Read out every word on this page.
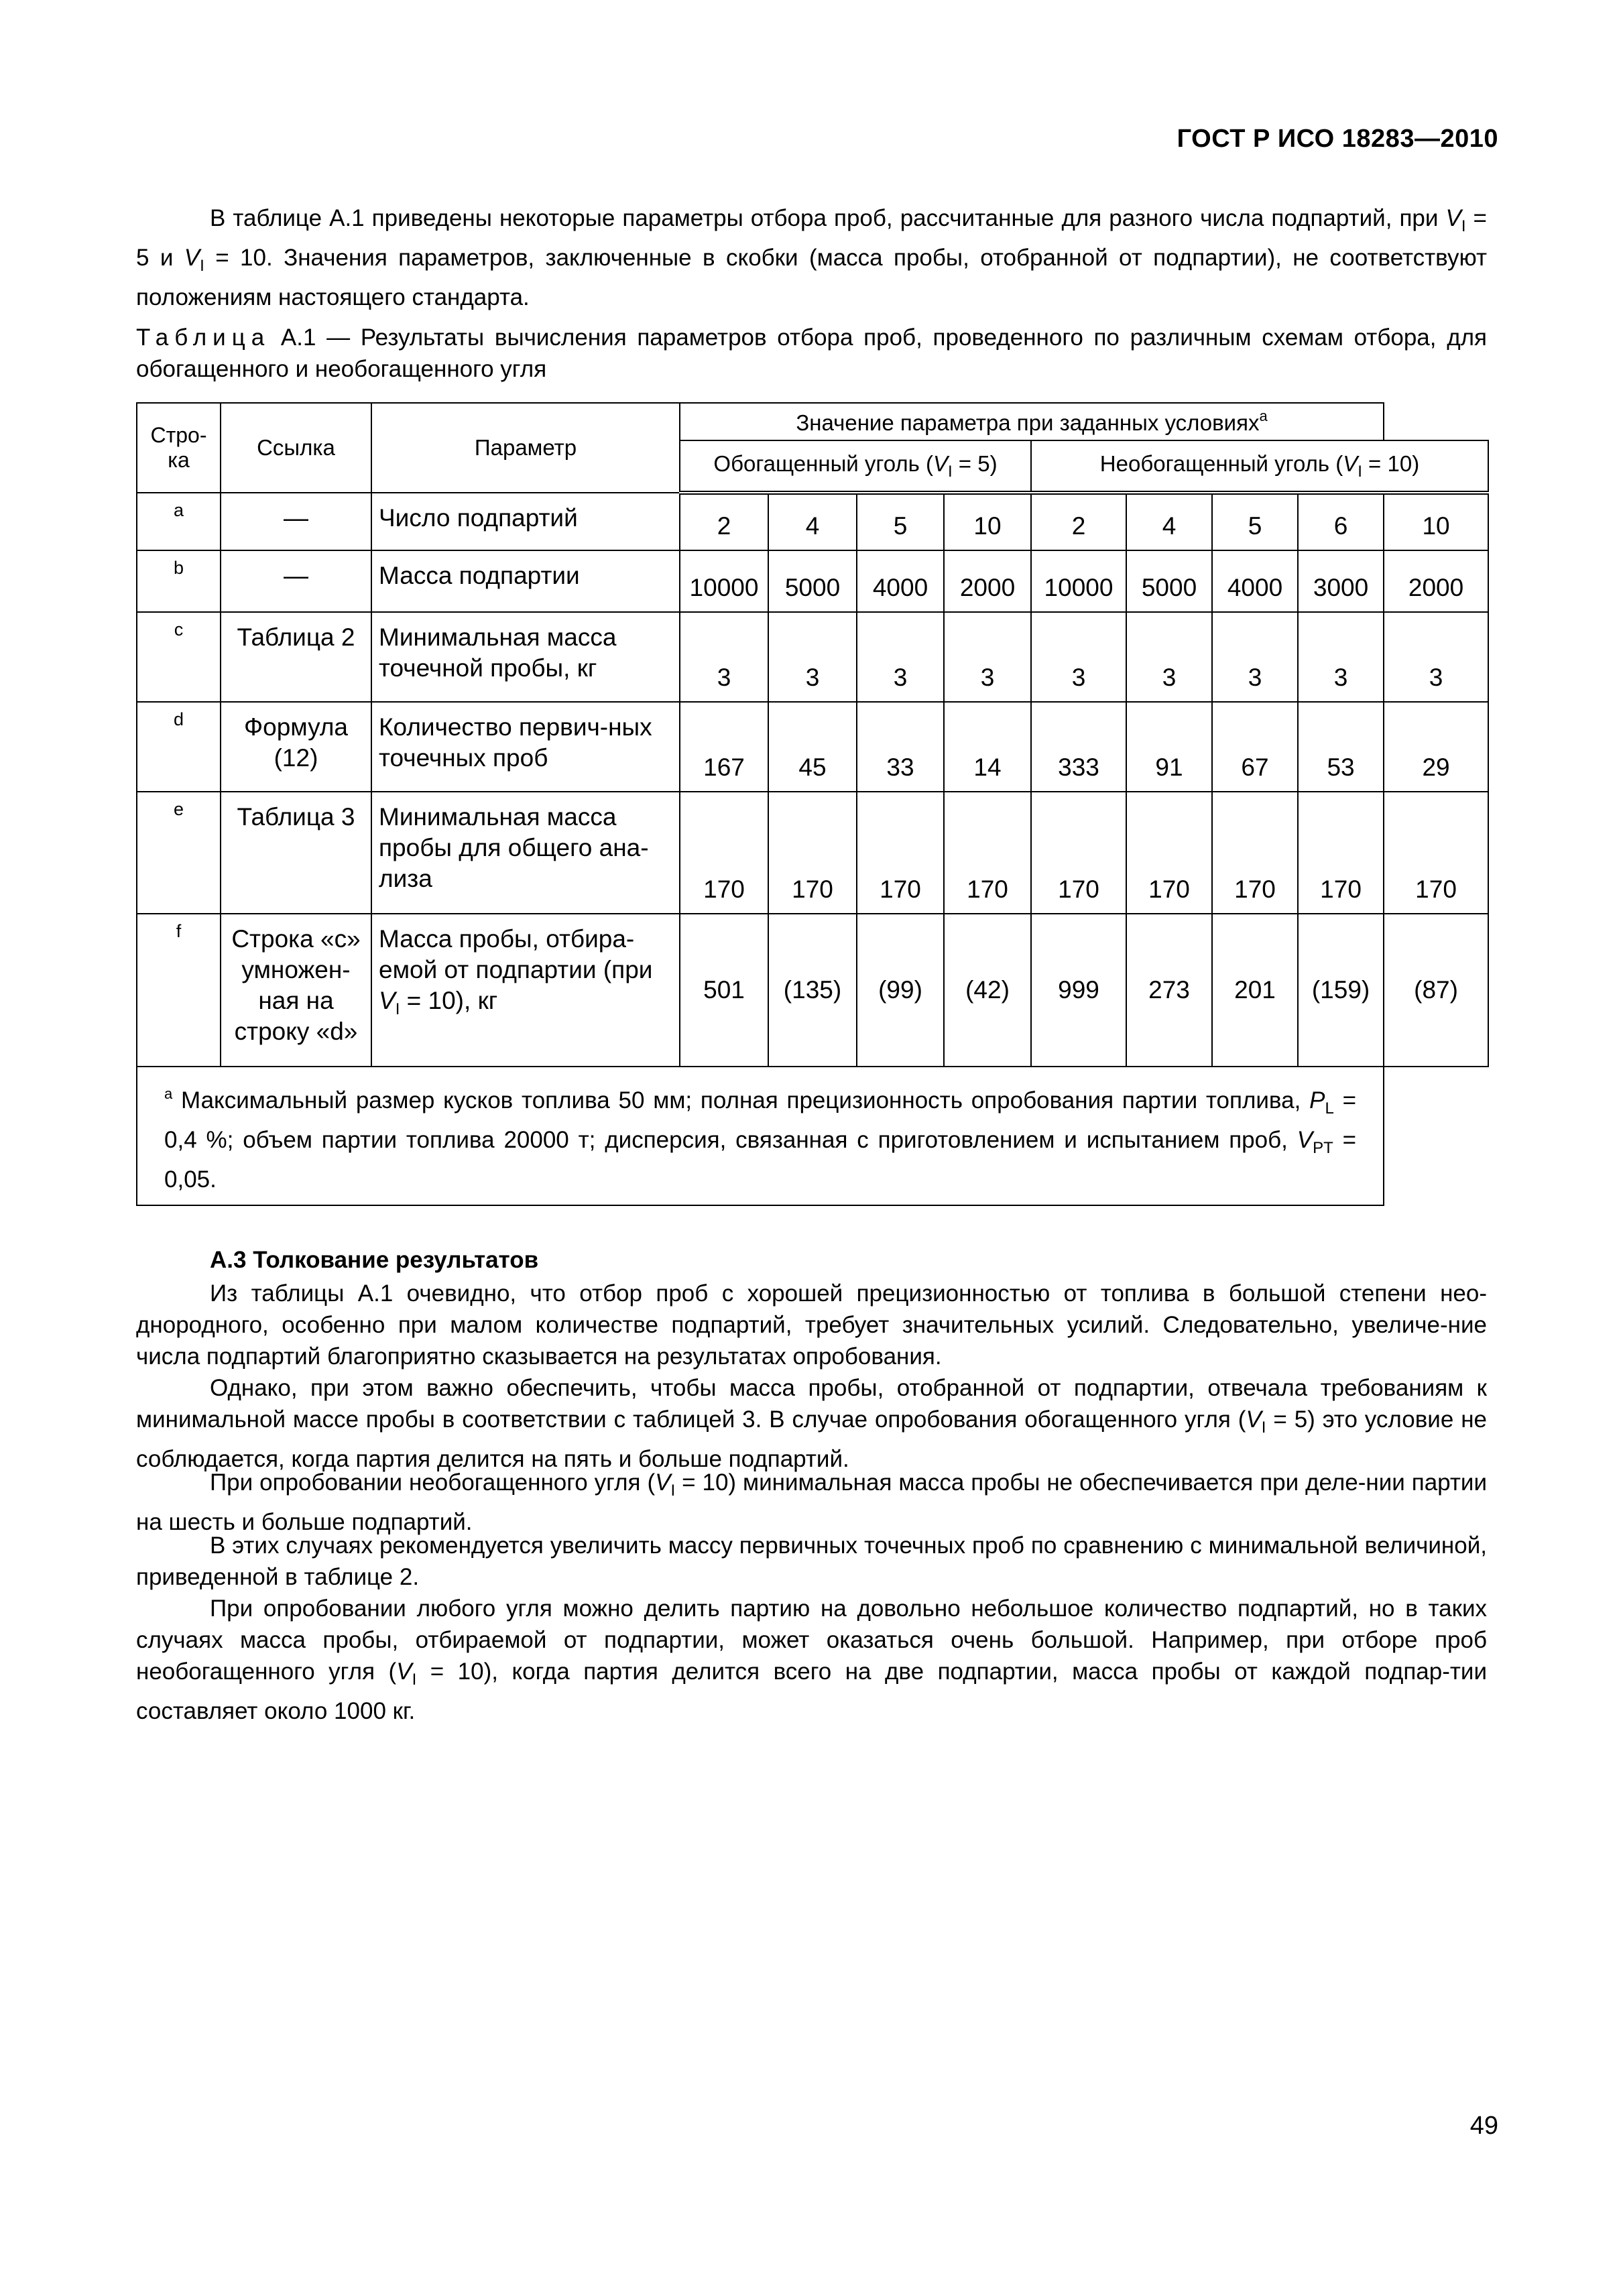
ГОСТ Р ИСО 18283—2010
В таблице А.1 приведены некоторые параметры отбора проб, рассчитанные для разного числа подпартий, при $V_I = 5$ и $V_I = 10$. Значения параметров, заключенные в скобки (масса пробы, отобранной от подпартии), не соответствуют положениям настоящего стандарта.
Таблица А.1 — Результаты вычисления параметров отбора проб, проведенного по различным схемам отбора, для обогащенного и необогащенного угля
Стро-ка	Ссылка	Параметр	Значение параметра при заданных условиях$^а$
			Обогащенный уголь $(V_I = 5)$				Необогащенный уголь $(V_I = 10)$				
a	—	Число подпартий	2	4	5	10	2	4	5	6	10
b	—	Масса подпартии	10000	5000	4000	2000	10000	5000	4000	3000	2000
c	Таблица 2	Минимальная масса точечной пробы, кг	3	3	3	3	3	3	3	3	3
d	Формула (12)	Количество первич-ных точечных проб	167	45	33	14	333	91	67	53	29
e	Таблица 3	Минимальная масса пробы для общего ана-лиза	170	170	170	170	170	170	170	170	170
f	Строка «с» умножен-ная на строку «d»	Масса пробы, отбира-емой от подпартии (при $V_I = 10$), кг	501	(135)	(99)	(42)	999	273	201	(159)	(87)
$^а$ Максимальный размер кусков топлива 50 мм; полная прецизионность опробования партии топлива, $P_L = 0,4$ %; объем партии топлива 20000 т; дисперсия, связанная с приготовлением и испытанием проб, $V_{PT} = 0,05$.											
А.3 Толкование результатов
Из таблицы А.1 очевидно, что отбор проб с хорошей прецизионностью от топлива в большой степени нео-днородного, особенно при малом количестве подпартий, требует значительных усилий. Следовательно, увеличе-ние числа подпартий благоприятно сказывается на результатах опробования.
Однако, при этом важно обеспечить, чтобы масса пробы, отобранной от подпартии, отвечала требованиям к минимальной массе пробы в соответствии с таблицей 3. В случае опробования обогащенного угля $(V_I = 5)$ это условие не соблюдается, когда партия делится на пять и больше подпартий.
При опробовании необогащенного угля $(V_I = 10)$ минимальная масса пробы не обеспечивается при деле-нии партии на шесть и больше подпартий.
В этих случаях рекомендуется увеличить массу первичных точечных проб по сравнению с минимальной величиной, приведенной в таблице 2.
При опробовании любого угля можно делить партию на довольно небольшое количество подпартий, но в таких случаях масса пробы, отбираемой от подпартии, может оказаться очень большой. Например, при отборе проб необогащенного угля $(V_I = 10)$, когда партия делится всего на две подпартии, масса пробы от каждой подпар-тии составляет около 1000 кг.
49
